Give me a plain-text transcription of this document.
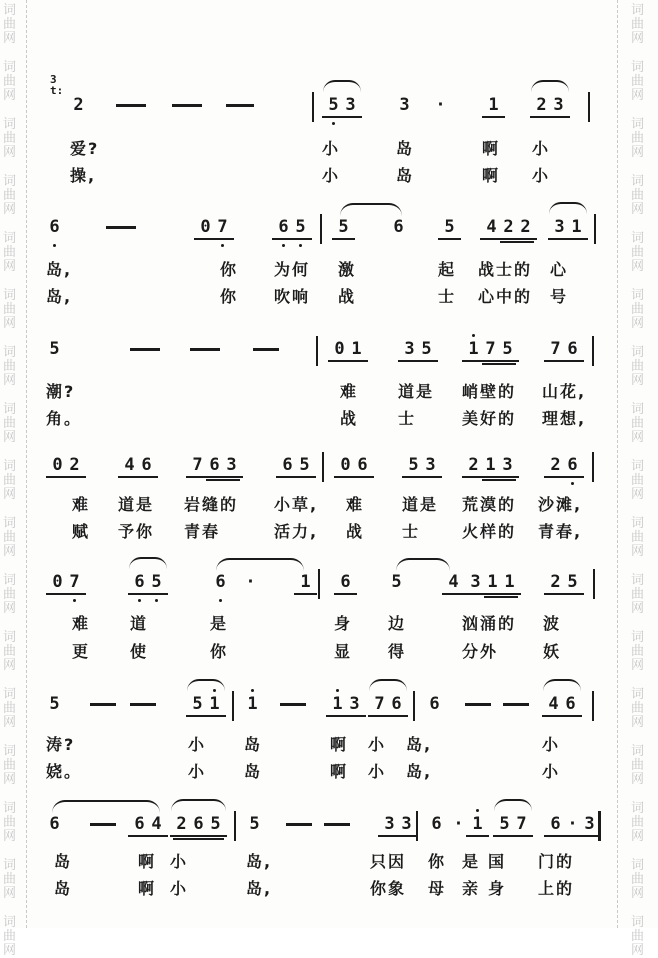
3
t:
词
曲
网
词
曲
网
词
曲
网
词
曲
网
词
曲
网
词
曲
网
词
曲
网
词
曲
网
词
曲
网
词
曲
网
词
曲
网
词
曲
网
词
曲
网
词
曲
网
词
曲
网
词
曲
网
词
曲
网
词
曲
网
词
曲
网
词
曲
网
词
曲
网
词
曲
网
词
曲
网
词
曲
网
词
曲
网
词
曲
网
词
曲
网
词
曲
网
词
曲
网
词
曲
网
词
曲
网
词
曲
网
词
曲
网
词
曲
网
2	5 3	3 ·	1	2 3
爱?	小	岛	啊 小
操,	小	岛	啊 小
6	0 7	6 5	5	6	5	4 2 2	3 1
岛,	你 为何 激	起 战士的 心
岛,	你 吹响 战	士 心中的 号
5	0 1	3 5	1 7 5	7 6
潮?	难 道是 峭壁的 山花,
角。	战 士	美好的 理想,
0 2	4 6	7 6 3	6 5	0 6	5 3	2 1 3	2 6
难 道是 岩缝的 小草, 难 道是 荒漠的 沙滩,
赋 予你 青春	活力, 战 士	火样的 青春,
0 7	6 5	6 ·	1	6	5	4 3 1 1	2 5
难 道	是	身 边	汹涌的 波
更 使	你	显 得	分外	妖
5	5 1	1	1 3 7 6	6	4 6
涛?	小 岛	啊 小 岛,	小
娆。	小 岛	啊 小 岛,	小
6	6 4 2 6 5	5	3 3	6 · 1 5 7	6 · 3
岛	啊 小	岛,	只因 你 是 国 门的
岛	啊 小	岛,	你象 母 亲 身 上的
